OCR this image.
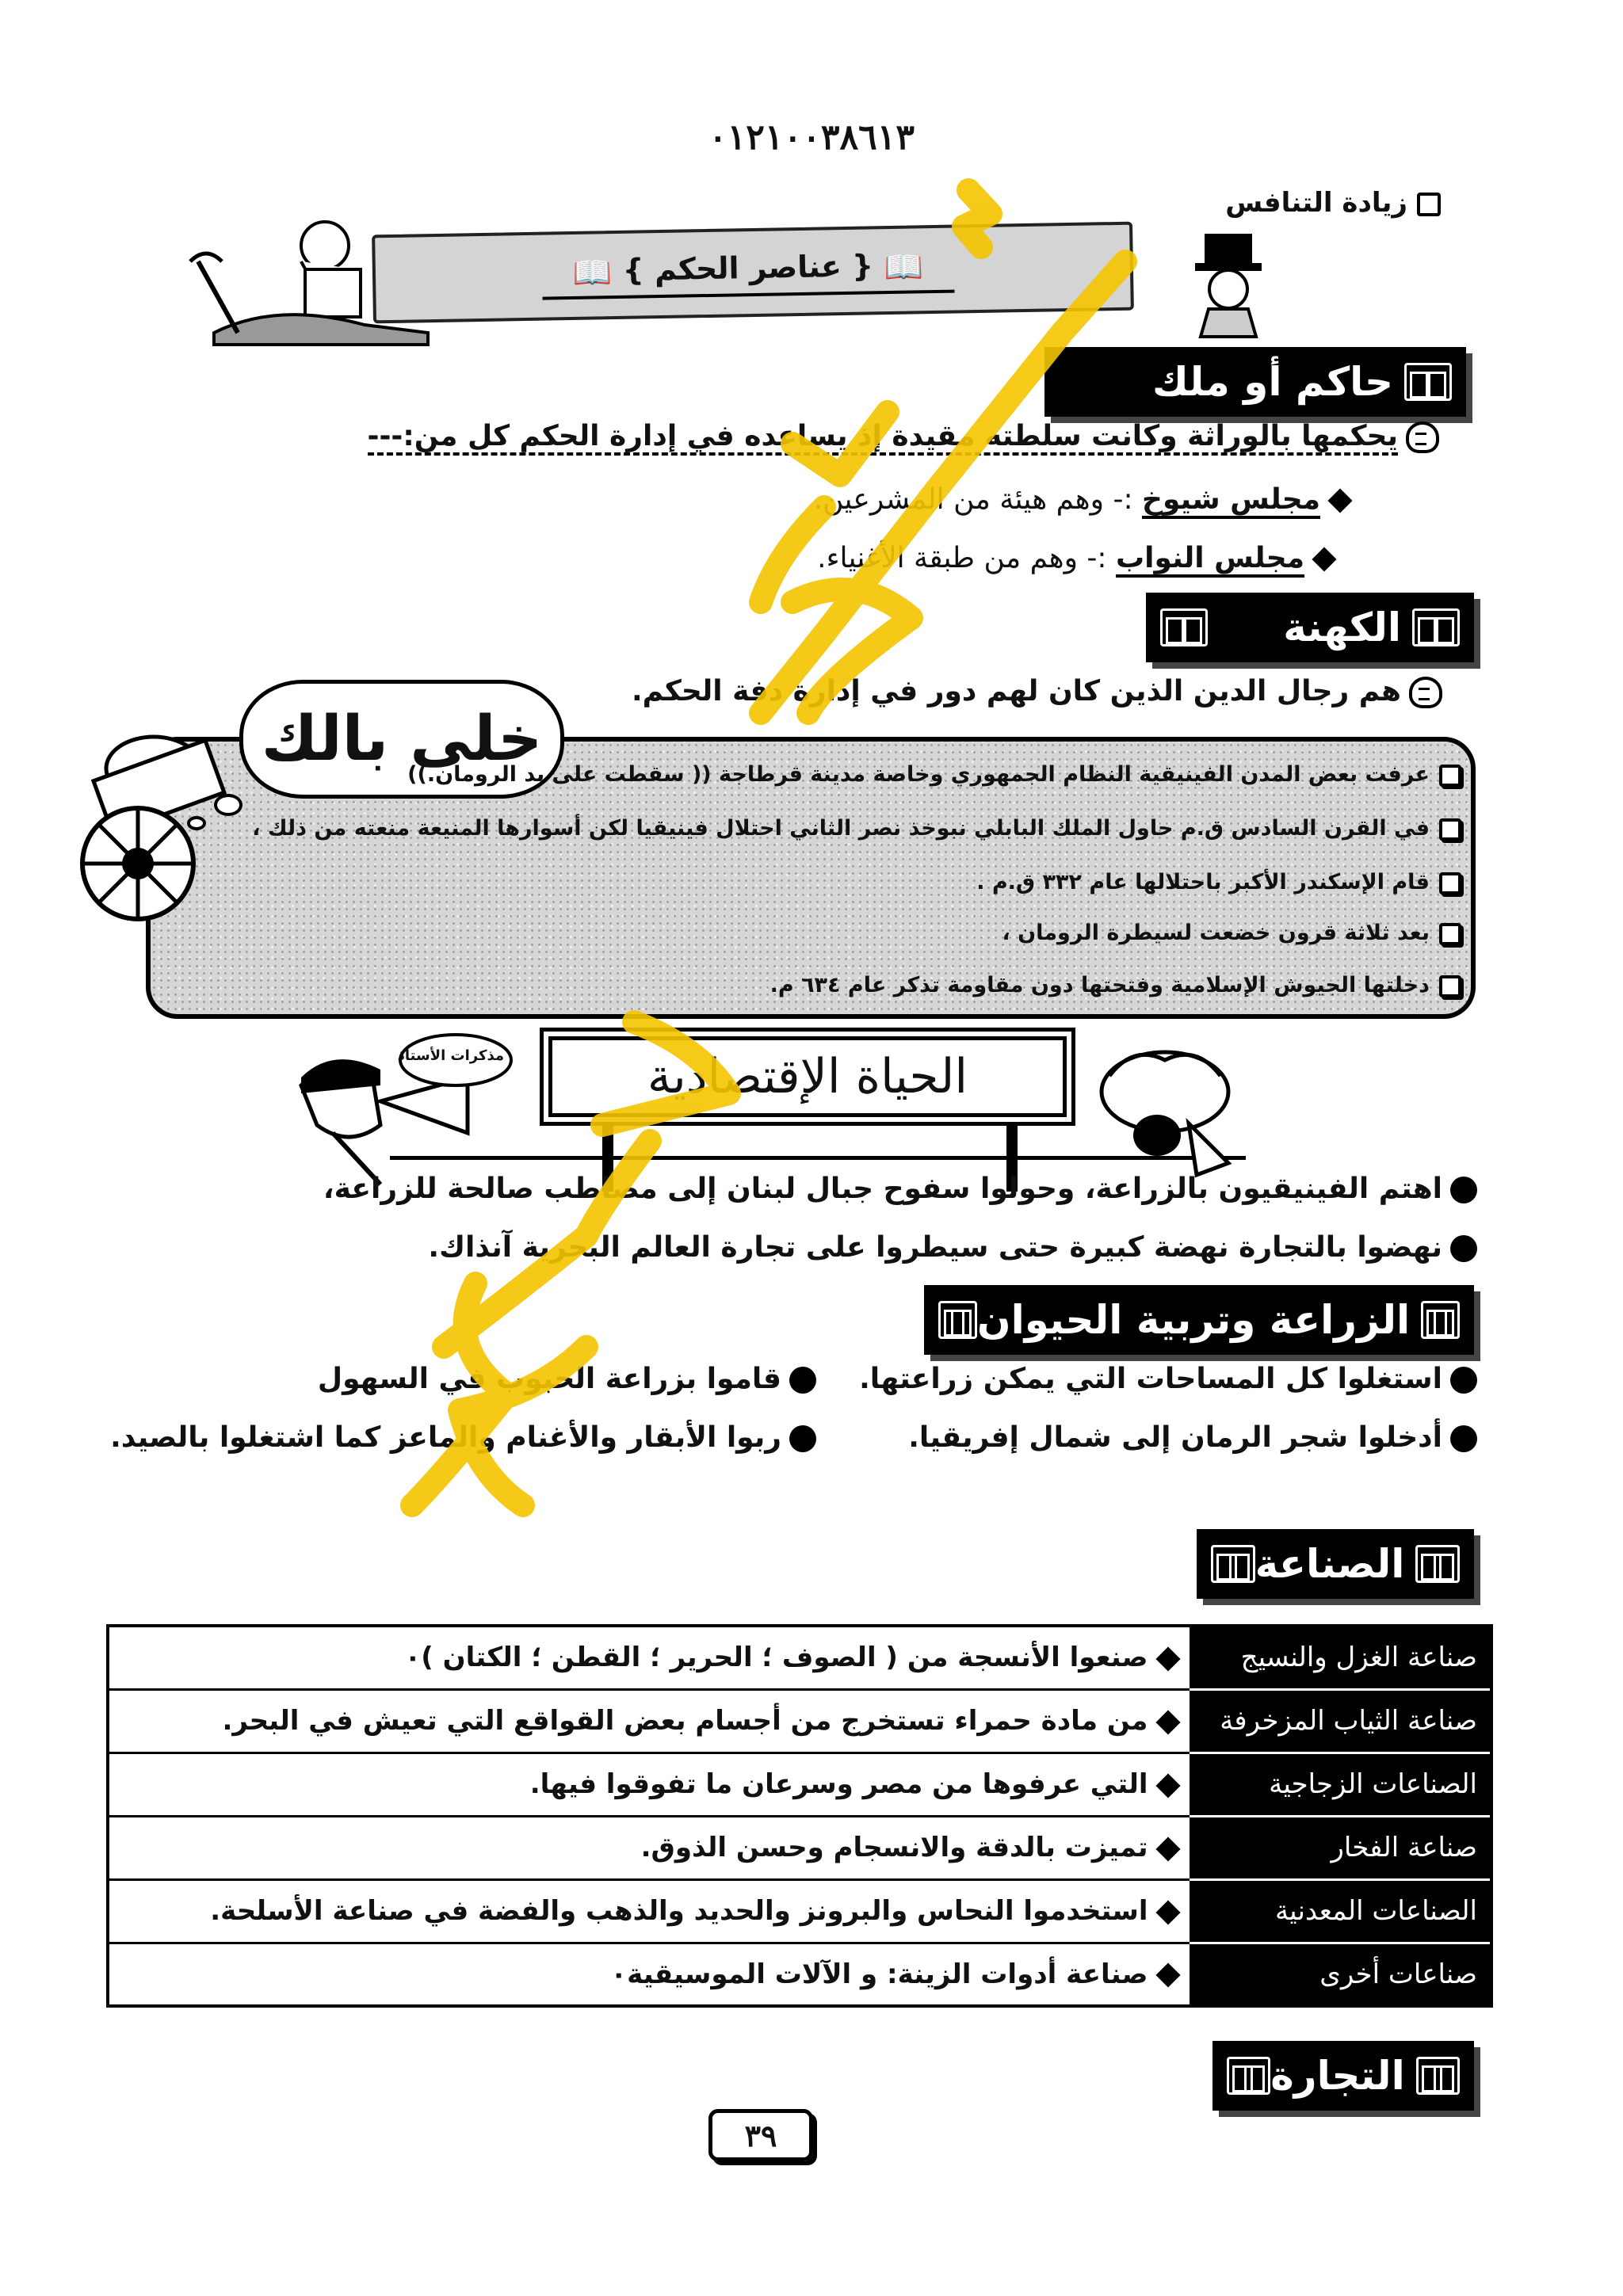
٠١٢١٠٠٣٨٦١٣
زيادة التنافس
📖 { عناصر الحكم } 📖
حاكم أو ملك
يحكمها بالوراثة وكانت سلطته مقيدة إذ يساعده في إدارة الحكم كل من:---
مجلس شيوخ :- وهم هيئة من المشرعين.
مجلس النواب :- وهم من طبقة الأغنياء.
الكهنة
هم رجال الدين الذين كان لهم دور في إدارة دفة الحكم.
خلى بالك
عرفت بعض المدن الفينيقية النظام الجمهوري وخاصة مدينة قرطاجة (( سقطت على يد الرومان.))
في القرن السادس ق.م حاول الملك البابلي نبوخذ نصر الثاني احتلال فينيقيا لكن أسوارها المنيعة منعته من ذلك ،
قام الإسكندر الأكبر باحتلالها عام ٣٣٢ ق.م .
بعد ثلاثة قرون خضعت لسيطرة الرومان ،
دخلتها الجيوش الإسلامية وفتحتها دون مقاومة تذكر عام ٦٣٤ م.
مذكرات الأستاذ	الحياة الإقتصادية
اهتم الفينيقيون بالزراعة، وحولوا سفوح جبال لبنان إلى مصاطب صالحة للزراعة،
نهضوا بالتجارة نهضة كبيرة حتى سيطروا على تجارة العالم البحرية آنذاك.
الزراعة وتربية الحيوان
استغلوا كل المساحات التي يمكن زراعتها.
أدخلوا شجر الرمان إلى شمال إفريقيا.
قاموا بزراعة الحبوب في السهول
ربوا الأبقار والأغنام والماعز كما اشتغلوا بالصيد.
الصناعة
صناعة الغزل والنسيج	صنعوا الأنسجة من ( الصوف ؛ الحرير ؛ القطن ؛ الكتان )٠
صناعة الثياب المزخرفة	من مادة حمراء تستخرج من أجسام بعض القواقع التي تعيش في البحر.
الصناعات الزجاجية	التي عرفوها من مصر وسرعان ما تفوقوا فيها.
صناعة الفخار	تميزت بالدقة والانسجام وحسن الذوق.
الصناعات المعدنية	استخدموا النحاس والبرونز والحديد والذهب والفضة في صناعة الأسلحة.
صناعات أخرى	صناعة أدوات الزينة: و الآلات الموسيقية٠
التجارة
٣٩
